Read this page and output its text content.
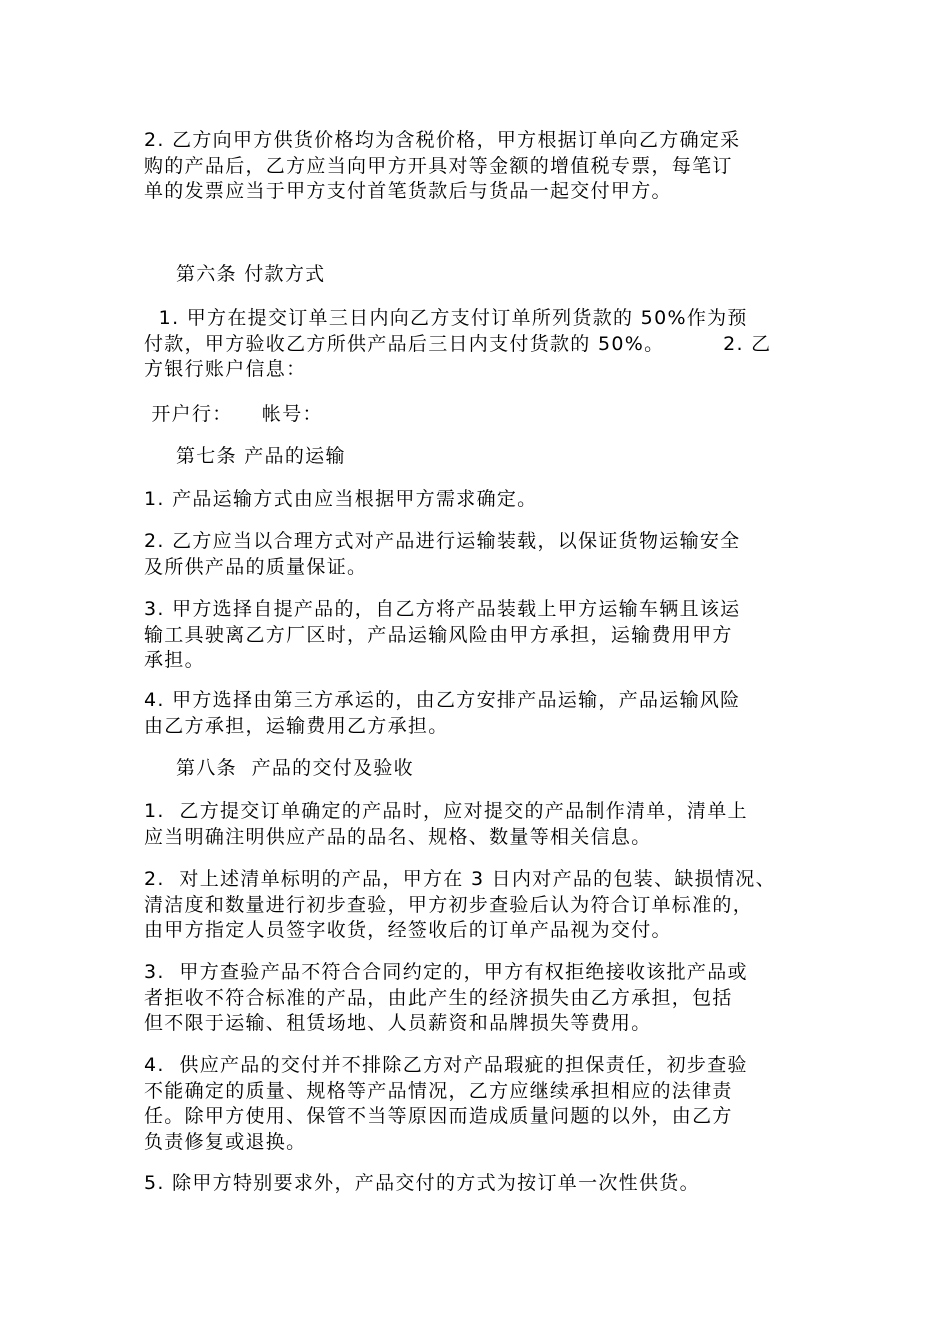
2. 乙方向甲方供货价格均为含税价格，甲方根据订单向乙方确定采
购的产品后，乙方应当向甲方开具对等金额的增值税专票，每笔订
单的发票应当于甲方支付首笔货款后与货品一起交付甲方。

第六条 付款方式

1. 甲方在提交订单三日内向乙方支付订单所列货款的 50%作为预
付款，甲方验收乙方所供产品后三日内支付货款的 50%。        2. 乙
方银行账户信息：

开户行：    帐号：

第七条 产品的运输

1. 产品运输方式由应当根据甲方需求确定。

2. 乙方应当以合理方式对产品进行运输装载，以保证货物运输安全
及所供产品的质量保证。

3. 甲方选择自提产品的，自乙方将产品装载上甲方运输车辆且该运
输工具驶离乙方厂区时，产品运输风险由甲方承担，运输费用甲方
承担。

4. 甲方选择由第三方承运的，由乙方安排产品运输，产品运输风险
由乙方承担，运输费用乙方承担。

第八条  产品的交付及验收

1.  乙方提交订单确定的产品时，应对提交的产品制作清单，清单上
应当明确注明供应产品的品名、规格、数量等相关信息。

2.  对上述清单标明的产品，甲方在 3 日内对产品的包装、缺损情况、
清洁度和数量进行初步查验，甲方初步查验后认为符合订单标准的，
由甲方指定人员签字收货，经签收后的订单产品视为交付。

3.  甲方查验产品不符合合同约定的，甲方有权拒绝接收该批产品或
者拒收不符合标准的产品，由此产生的经济损失由乙方承担，包括
但不限于运输、租赁场地、人员薪资和品牌损失等费用。

4.  供应产品的交付并不排除乙方对产品瑕疵的担保责任，初步查验
不能确定的质量、规格等产品情况，乙方应继续承担相应的法律责
任。除甲方使用、保管不当等原因而造成质量问题的以外，由乙方
负责修复或退换。

5. 除甲方特别要求外，产品交付的方式为按订单一次性供货。
